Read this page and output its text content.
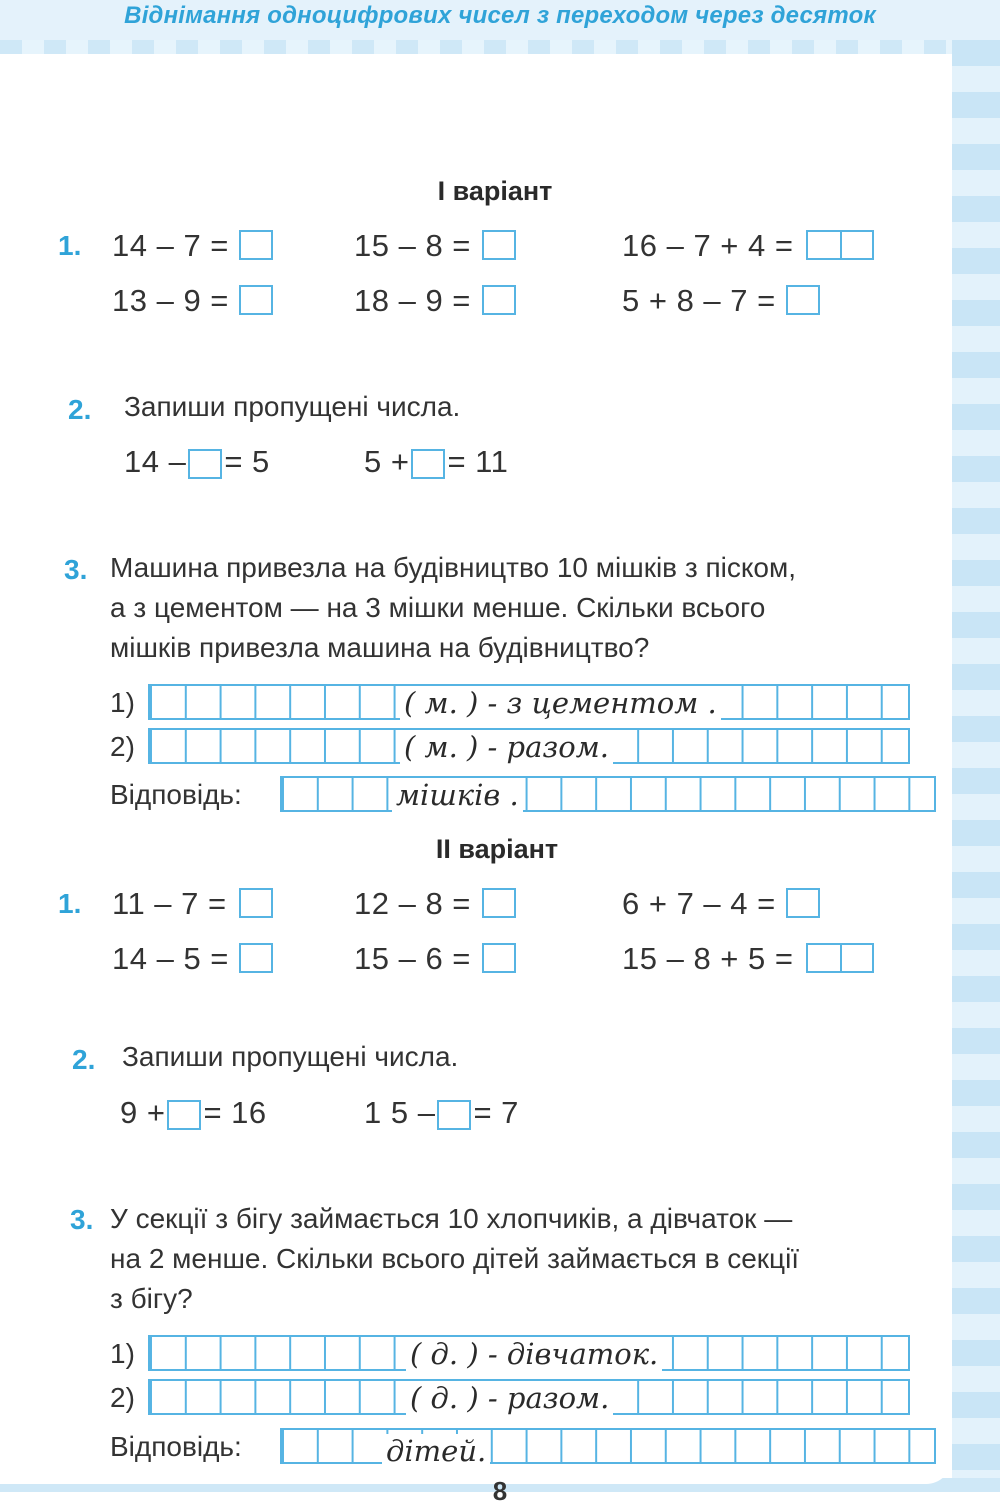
Віднімання одноцифрових чисел з переходом через десяток
І варіант
1. 14 – 7 =	15 – 8 =	16 – 7 + 4 =
13 – 9 =	18 – 9 =	5 + 8 – 7 =
2. Запиши пропущені числа.
14 – = 5	5 + = 11
3. Машина привезла на будівництво 10 мішків з піском,
а з цементом — на 3 мішки менше. Скільки всього
мішків привезла машина на будівництво?
1)	( м. ) - з цементом .
2)	( м. ) - разом.
Відповідь:	мішків .
ІІ варіант
1. 11 – 7 =	12 – 8 =	6 + 7 – 4 =
14 – 5 =	15 – 6 =	15 – 8 + 5 =
2. Запиши пропущені числа.
9 + = 16	1 5 – = 7
3. У секції з бігу займається 10 хлопчиків, а дівчаток —
на 2 менше. Скільки всього дітей займається в секції
з бігу?
1)	( д. ) - дівчаток.
2)	( д. ) - разом.
Відповідь:	дітей.
8
